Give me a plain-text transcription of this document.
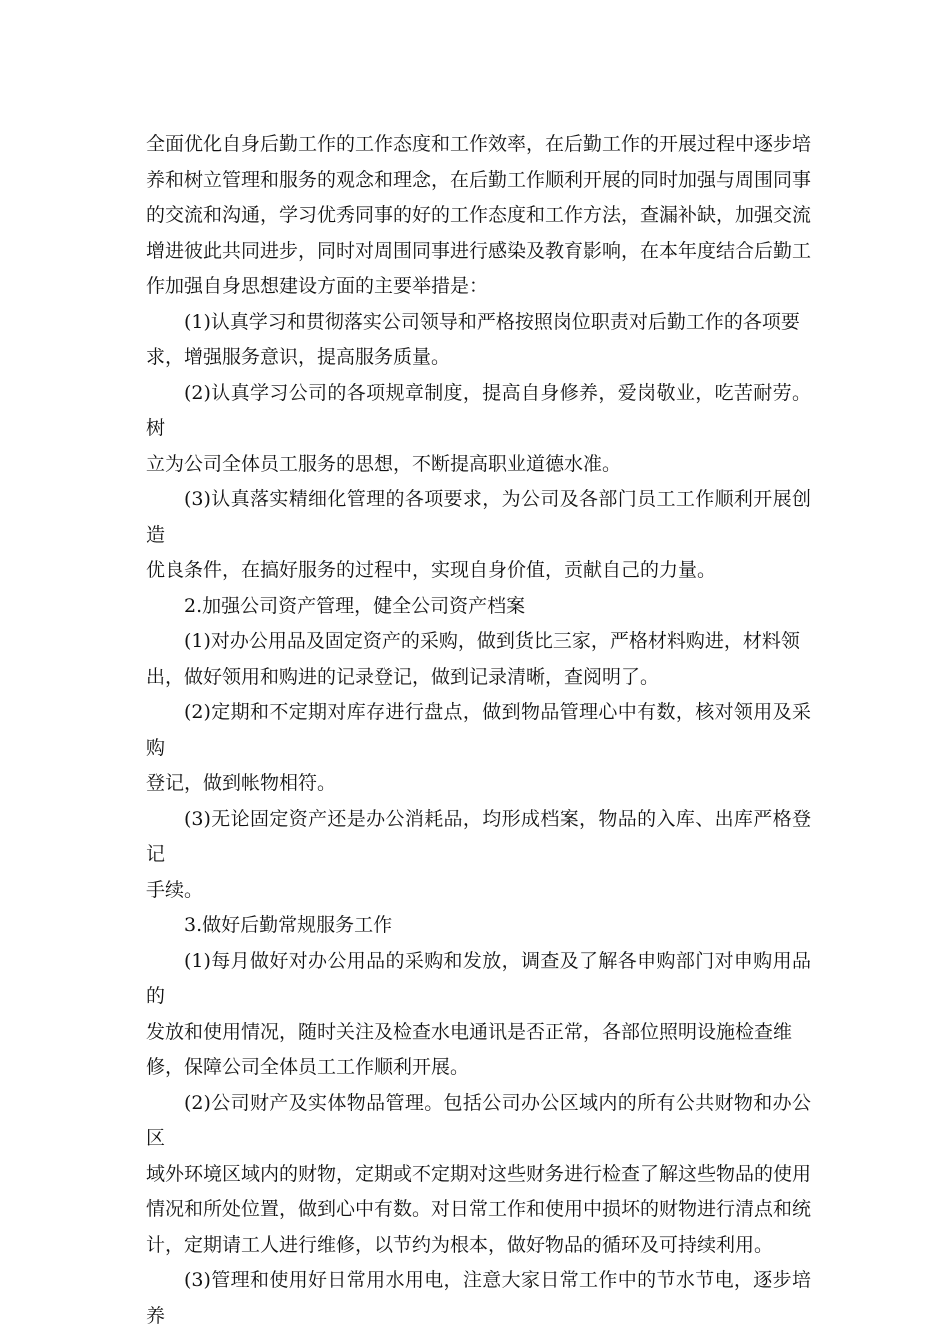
全面优化自身后勤工作的工作态度和工作效率，在后勤工作的开展过程中逐步培
养和树立管理和服务的观念和理念，在后勤工作顺利开展的同时加强与周围同事
的交流和沟通，学习优秀同事的好的工作态度和工作方法，查漏补缺，加强交流
增进彼此共同进步，同时对周围同事进行感染及教育影响，在本年度结合后勤工
作加强自身思想建设方面的主要举措是：

(1)认真学习和贯彻落实公司领导和严格按照岗位职责对后勤工作的各项要
求，增强服务意识，提高服务质量。

(2)认真学习公司的各项规章制度，提高自身修养，爱岗敬业，吃苦耐劳。树
立为公司全体员工服务的思想，不断提高职业道德水准。

(3)认真落实精细化管理的各项要求，为公司及各部门员工工作顺利开展创造
优良条件，在搞好服务的过程中，实现自身价值，贡献自己的力量。

2.加强公司资产管理，健全公司资产档案

(1)对办公用品及固定资产的采购，做到货比三家，严格材料购进，材料领
出，做好领用和购进的记录登记，做到记录清晰，查阅明了。

(2)定期和不定期对库存进行盘点，做到物品管理心中有数，核对领用及采购
登记，做到帐物相符。

(3)无论固定资产还是办公消耗品，均形成档案，物品的入库、出库严格登记
手续。

3.做好后勤常规服务工作

(1)每月做好对办公用品的采购和发放，调查及了解各申购部门对申购用品的
发放和使用情况，随时关注及检查水电通讯是否正常，各部位照明设施检查维
修，保障公司全体员工工作顺利开展。

(2)公司财产及实体物品管理。包括公司办公区域内的所有公共财物和办公区
域外环境区域内的财物，定期或不定期对这些财务进行检查了解这些物品的使用
情况和所处位置，做到心中有数。对日常工作和使用中损坏的财物进行清点和统
计，定期请工人进行维修，以节约为根本，做好物品的循环及可持续利用。

(3)管理和使用好日常用水用电，注意大家日常工作中的节水节电，逐步培养
